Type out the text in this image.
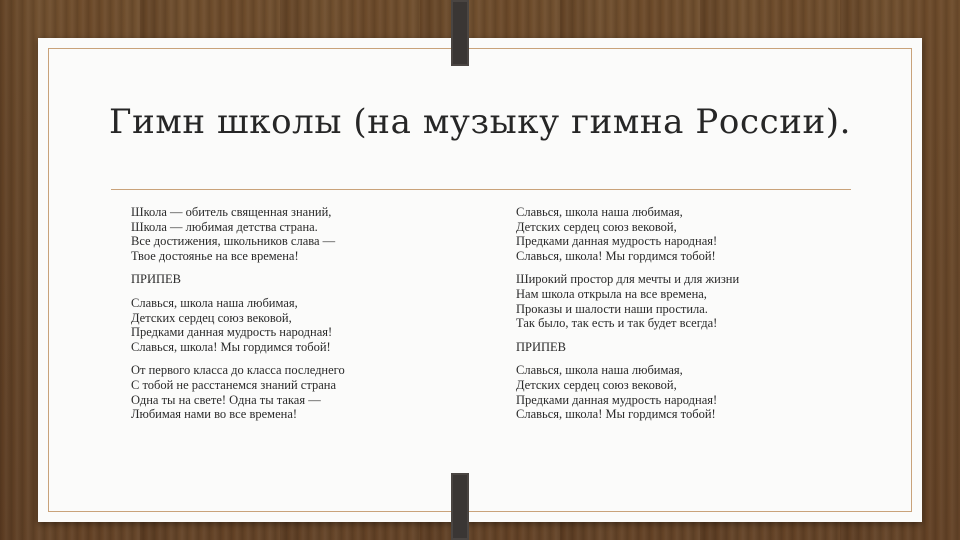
Гимн школы (на музыку гимна России).

Школа — обитель священная знаний,
Школа — любимая детства страна.
Все достижения, школьников слава —
Твое достоянье на все времена!

ПРИПЕВ

Славься, школа наша любимая,
Детских сердец союз вековой,
Предками данная мудрость народная!
Славься, школа! Мы гордимся тобой!

От первого класса до класса последнего
С тобой не расстанемся знаний страна
Одна ты на свете! Одна ты такая —
Любимая нами во все времена!

Славься, школа наша любимая,
Детских сердец союз вековой,
Предками данная мудрость народная!
Славься, школа! Мы гордимся тобой!

Широкий простор для мечты и для жизни
Нам школа открыла на все времена,
Проказы и шалости наши простила.
Так было, так есть и так будет всегда!

ПРИПЕВ

Славься, школа наша любимая,
Детских сердец союз вековой,
Предками данная мудрость народная!
Славься, школа! Мы гордимся тобой!
